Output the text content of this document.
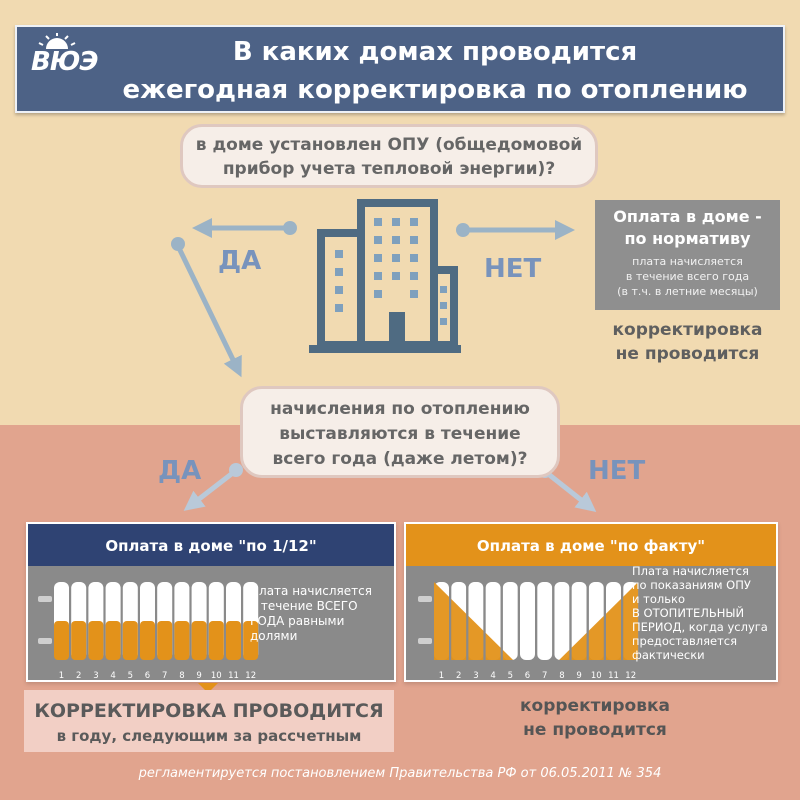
ВЮЭ	В каких домах проводится
ежегодная корректировка по отоплению
в доме установлен ОПУ (общедомовой
прибор учета тепловой энергии)?
ДА	НЕТ
Оплата в доме -
по нормативу
плата начисляется
в течение всего года
(в т.ч. в летние месяцы)
корректировка
не проводится
начисления по отоплению
выставляются в течение
всего года (даже летом)?
ДА	НЕТ
Оплата в доме "по 1/12"
1 2 3 4 5 6 7 8 9 10 11 12
Плата начисляется
в течение ВСЕГО
ГОДА равными
долями
Оплата в доме "по факту"
1 2 3 4 5 6 7 8 9 10 11 12
Плата начисляется
по показаниям ОПУ
и только
В ОТОПИТЕЛЬНЫЙ
ПЕРИОД, когда услуга
предоставляется
фактически
КОРРЕКТИРОВКА ПРОВОДИТСЯ
в году, следующим за рассчетным
корректировка
не проводится
регламентируется постановлением Правительства РФ от 06.05.2011 № 354
